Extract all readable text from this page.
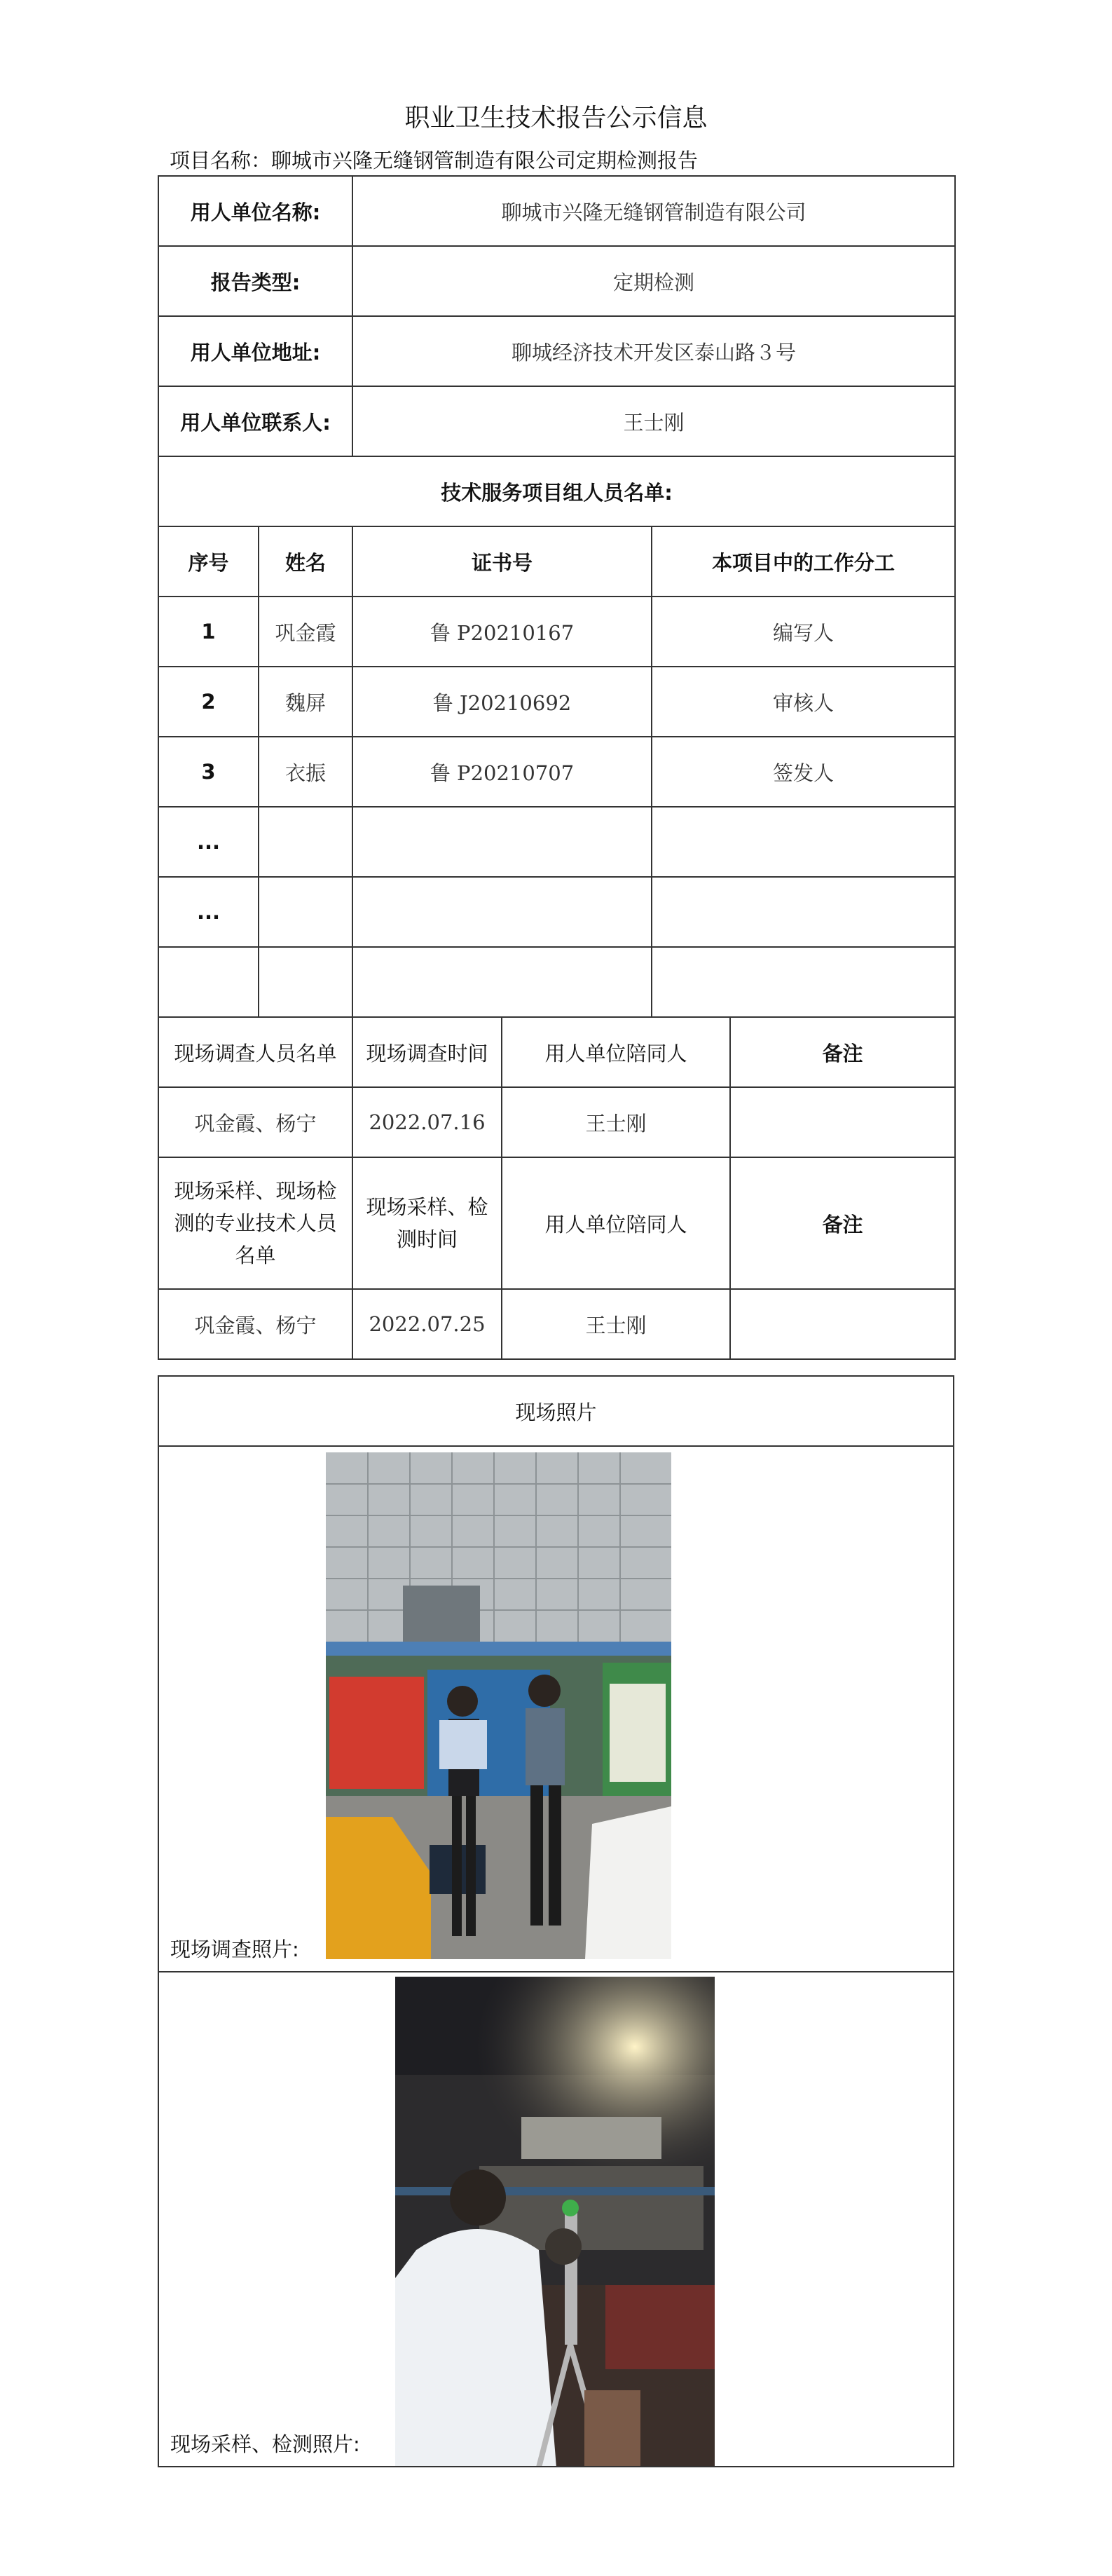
职业卫生技术报告公示信息
项目名称：聊城市兴隆无缝钢管制造有限公司定期检测报告
用人单位名称:		聊城市兴隆无缝钢管制造有限公司			
报告类型:		定期检测			
用人单位地址:		聊城经济技术开发区泰山路３号			
用人单位联系人:		王士刚			
技术服务项目组人员名单:					
序号	姓名	证书号		本项目中的工作分工	
1	巩金霞	鲁 P20210167		编写人	
2	魏屏	鲁 J20210692		审核人	
3	衣振	鲁 P20210707		签发人	
...					
...					

现场调查人员名单		现场调查时间	用人单位陪同人		备注
巩金霞、杨宁		2022.07.16	王士刚		
现场采样、现场检测的专业技术人员名单		现场采样、检测时间	用人单位陪同人		备注
巩金霞、杨宁		2022.07.25	王士刚		
现场照片

现场调查照片:

现场采样、检测照片:
